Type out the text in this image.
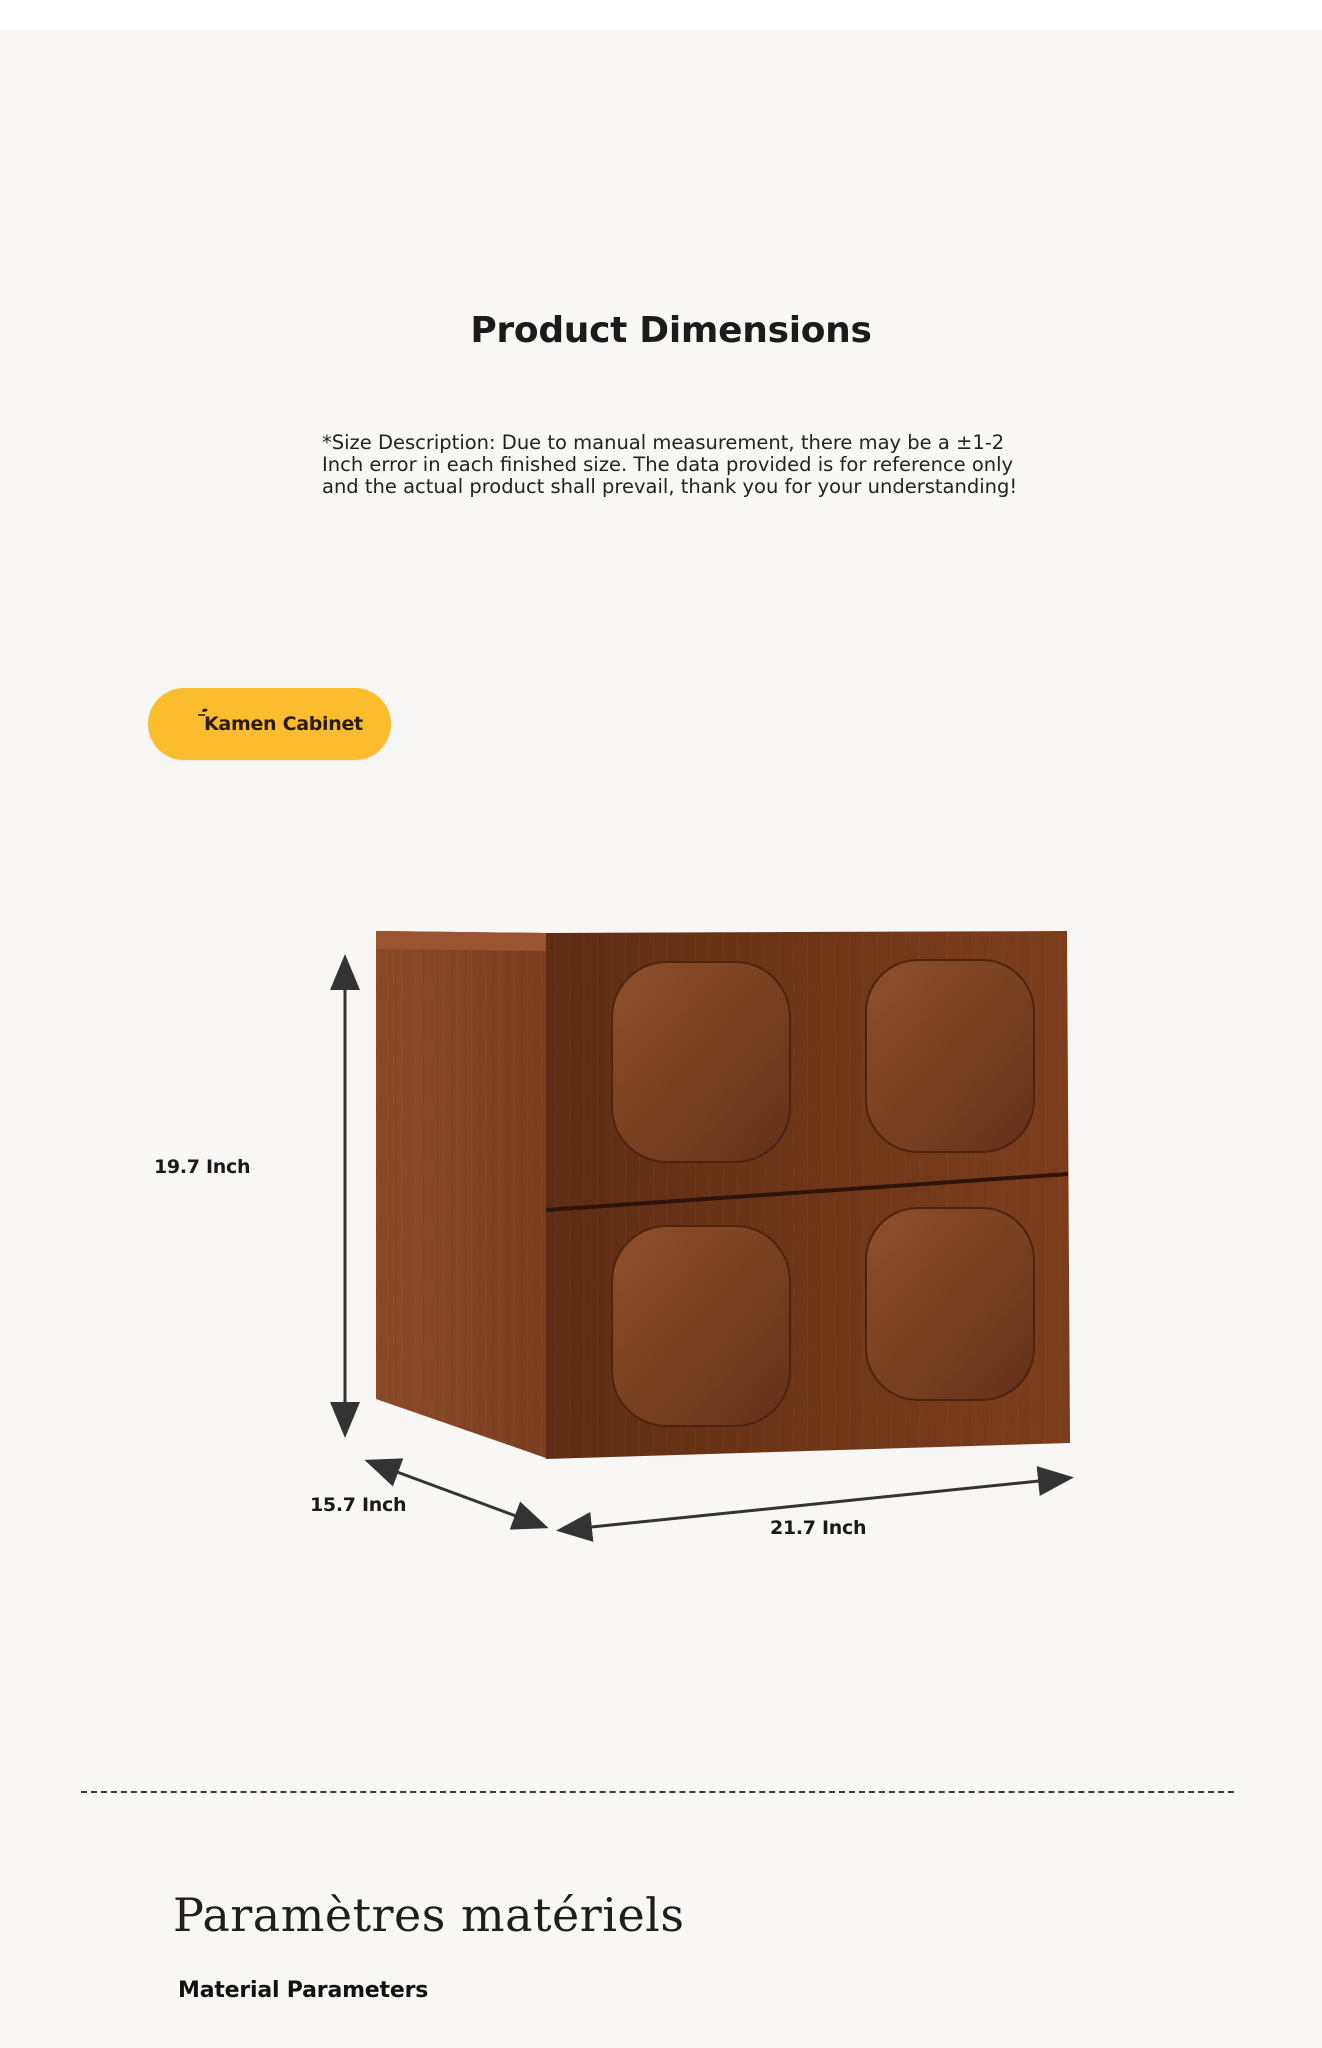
Product Dimensions

*Size Description: Due to manual measurement, there may be a ±1-2 Inch error in each finished size. The data provided is for reference only and the actual product shall prevail, thank you for your understanding!

Kamen Cabinet
19.7 Inch
15.7 Inch
21.7 Inch
Paramètres matériels
Material Parameters
